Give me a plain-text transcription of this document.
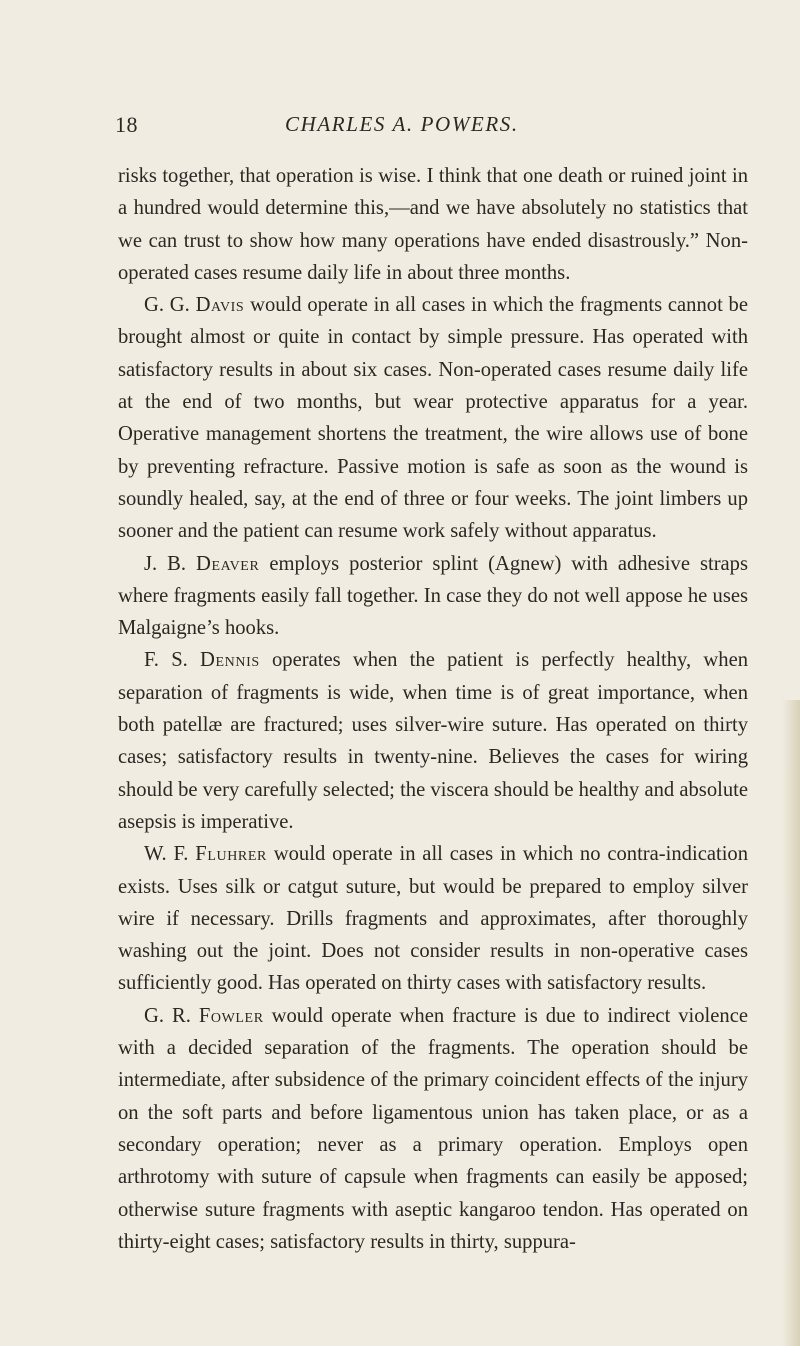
18	CHARLES A. POWERS.

risks together, that operation is wise. I think that one death or ruined joint in a hundred would determine this,—and we have absolutely no statistics that we can trust to show how many operations have ended disastrously.” Non-operated cases resume daily life in about three months.

G. G. Davis would operate in all cases in which the fragments cannot be brought almost or quite in contact by simple pressure. Has operated with satisfactory results in about six cases. Non-operated cases resume daily life at the end of two months, but wear protective apparatus for a year. Operative management shortens the treatment, the wire allows use of bone by preventing refracture. Passive motion is safe as soon as the wound is soundly healed, say, at the end of three or four weeks. The joint limbers up sooner and the patient can resume work safely without apparatus.

J. B. Deaver employs posterior splint (Agnew) with adhesive straps where fragments easily fall together. In case they do not well appose he uses Malgaigne’s hooks.

F. S. Dennis operates when the patient is perfectly healthy, when separation of fragments is wide, when time is of great importance, when both patellæ are fractured; uses silver-wire suture. Has operated on thirty cases; satisfactory results in twenty-nine. Believes the cases for wiring should be very carefully selected; the viscera should be healthy and absolute asepsis is imperative.

W. F. Fluhrer would operate in all cases in which no contra-indication exists. Uses silk or catgut suture, but would be prepared to employ silver wire if necessary. Drills fragments and approximates, after thoroughly washing out the joint. Does not consider results in non-operative cases sufficiently good. Has operated on thirty cases with satisfactory results.

G. R. Fowler would operate when fracture is due to indirect violence with a decided separation of the fragments. The operation should be intermediate, after subsidence of the primary coincident effects of the injury on the soft parts and before ligamentous union has taken place, or as a secondary operation; never as a primary operation. Employs open arthrotomy with suture of capsule when fragments can easily be apposed; otherwise suture fragments with aseptic kangaroo tendon. Has operated on thirty-eight cases; satisfactory results in thirty, suppura-
